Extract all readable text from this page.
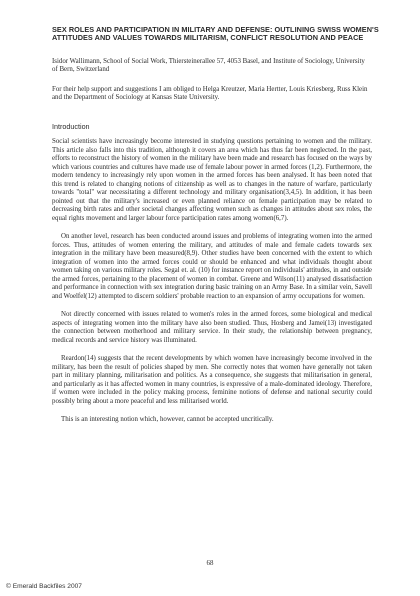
SEX ROLES AND PARTICIPATION IN MILITARY AND DEFENSE: OUTLINING SWISS WOMEN'S ATTITUDES AND VALUES TOWARDS MILITARISM, CONFLICT RESOLUTION AND PEACE
Isidor Wallimann, School of Social Work, Thiersteinerallee 57, 4053 Basel, and Institute of Sociology, University of Bern, Switzerland
For their help support and suggestions I am obliged to Helga Kreutzer, Maria Hertter, Louis Kriesberg, Russ Klein and the Department of Sociology at Kansas State University.
Introduction

Social scientists have increasingly become interested in studying questions pertaining to women and the military. This article also falls into this tradition, although it covers an area which has thus far been neglected. In the past, efforts to reconstruct the history of women in the military have been made and research has focused on the ways by which various countries and cultures have made use of female labour power in armed forces (1,2). Furthermore, the modern tendency to increasingly rely upon women in the armed forces has been analysed. It has been noted that this trend is related to changing notions of citizenship as well as to changes in the nature of warfare, particularly towards "total" war necessitating a different technology and military organisation(3,4,5). In addition, it has been pointed out that the military's increased or even planned reliance on female participation may be related to decreasing birth rates and other societal changes affecting women such as changes in attitudes about sex roles, the equal rights movement and larger labour force participation rates among women(6,7).

On another level, research has been conducted around issues and problems of integrating women into the armed forces. Thus, attitudes of women entering the military, and attitudes of male and female cadets towards sex integration in the military have been measured(8,9). Other studies have been concerned with the extent to which integration of women into the armed forces could or should be enhanced and what individuals thought about women taking on various military roles. Segal et. al. (10) for instance report on individuals' attitudes, in and outside the armed forces, pertaining to the placement of women in combat. Greene and Wilson(11) analysed dissatisfaction and performance in connection with sex integration during basic training on an Army Base. In a similar vein, Savell and Woelfel(12) attempted to discern soldiers' probable reaction to an expansion of army occupations for women.

Not directly concerned with issues related to women's roles in the armed forces, some biological and medical aspects of integrating women into the military have also been studied. Thus, Hosberg and Jamei(13) investigated the connection between motherhood and military service. In their study, the relationship between pregnancy, medical records and service history was illuminated.

Reardon(14) suggests that the recent developments by which women have increasingly become involved in the military, has been the result of policies shaped by men. She correctly notes that women have generally not taken part in military planning, militarisation and politics. As a consequence, she suggests that militarisation in general, and particularly as it has affected women in many countries, is expressive of a male-dominated ideology. Therefore, if women were included in the policy making process, feminine notions of defense and national security could possibly bring about a more peaceful and less militarised world.

This is an interesting notion which, however, cannot be accepted uncritically.

68
© Emerald Backfiles 2007
